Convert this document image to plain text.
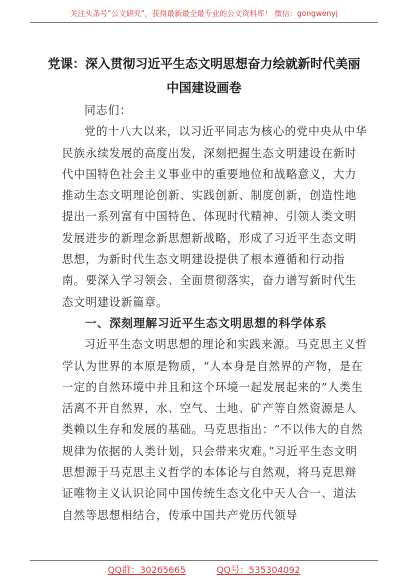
关注头条号"公文研究"，获得最新最全最专业的公文资料库！ 微信：gongwenyj
党课：深入贯彻习近平生态文明思想奋力绘就新时代美丽
中国建设画卷

同志们：

党的十八大以来，以习近平同志为核心的党中央从中华民族永续发展的高度出发，深刻把握生态文明建设在新时代中国特色社会主义事业中的重要地位和战略意义，大力推动生态文明理论创新、实践创新、制度创新，创造性地提出一系列富有中国特色、体现时代精神、引领人类文明发展进步的新理念新思想新战略，形成了习近平生态文明思想，为新时代生态文明建设提供了根本遵循和行动指南。要深入学习领会、全面贯彻落实，奋力谱写新时代生态文明建设新篇章。

一、深刻理解习近平生态文明思想的科学体系

习近平生态文明思想的理论和实践来源。马克思主义哲学认为世界的本原是物质，“人本身是自然界的产物，是在一定的自然环境中并且和这个环境一起发展起来的”人类生活离不开自然界，水、空气、土地、矿产等自然资源是人类赖以生存和发展的基础。马克思指出：“不以伟大的自然规律为依据的人类计划，只会带来灾难。”习近平生态文明思想源于马克思主义哲学的本体论与自然观，将马克思辩证唯物主义认识论同中国传统生态文化中天人合一、道法自然等思想相结合，传承中国共产党历代领导

QQ群：30265665	QQ号：535304092
